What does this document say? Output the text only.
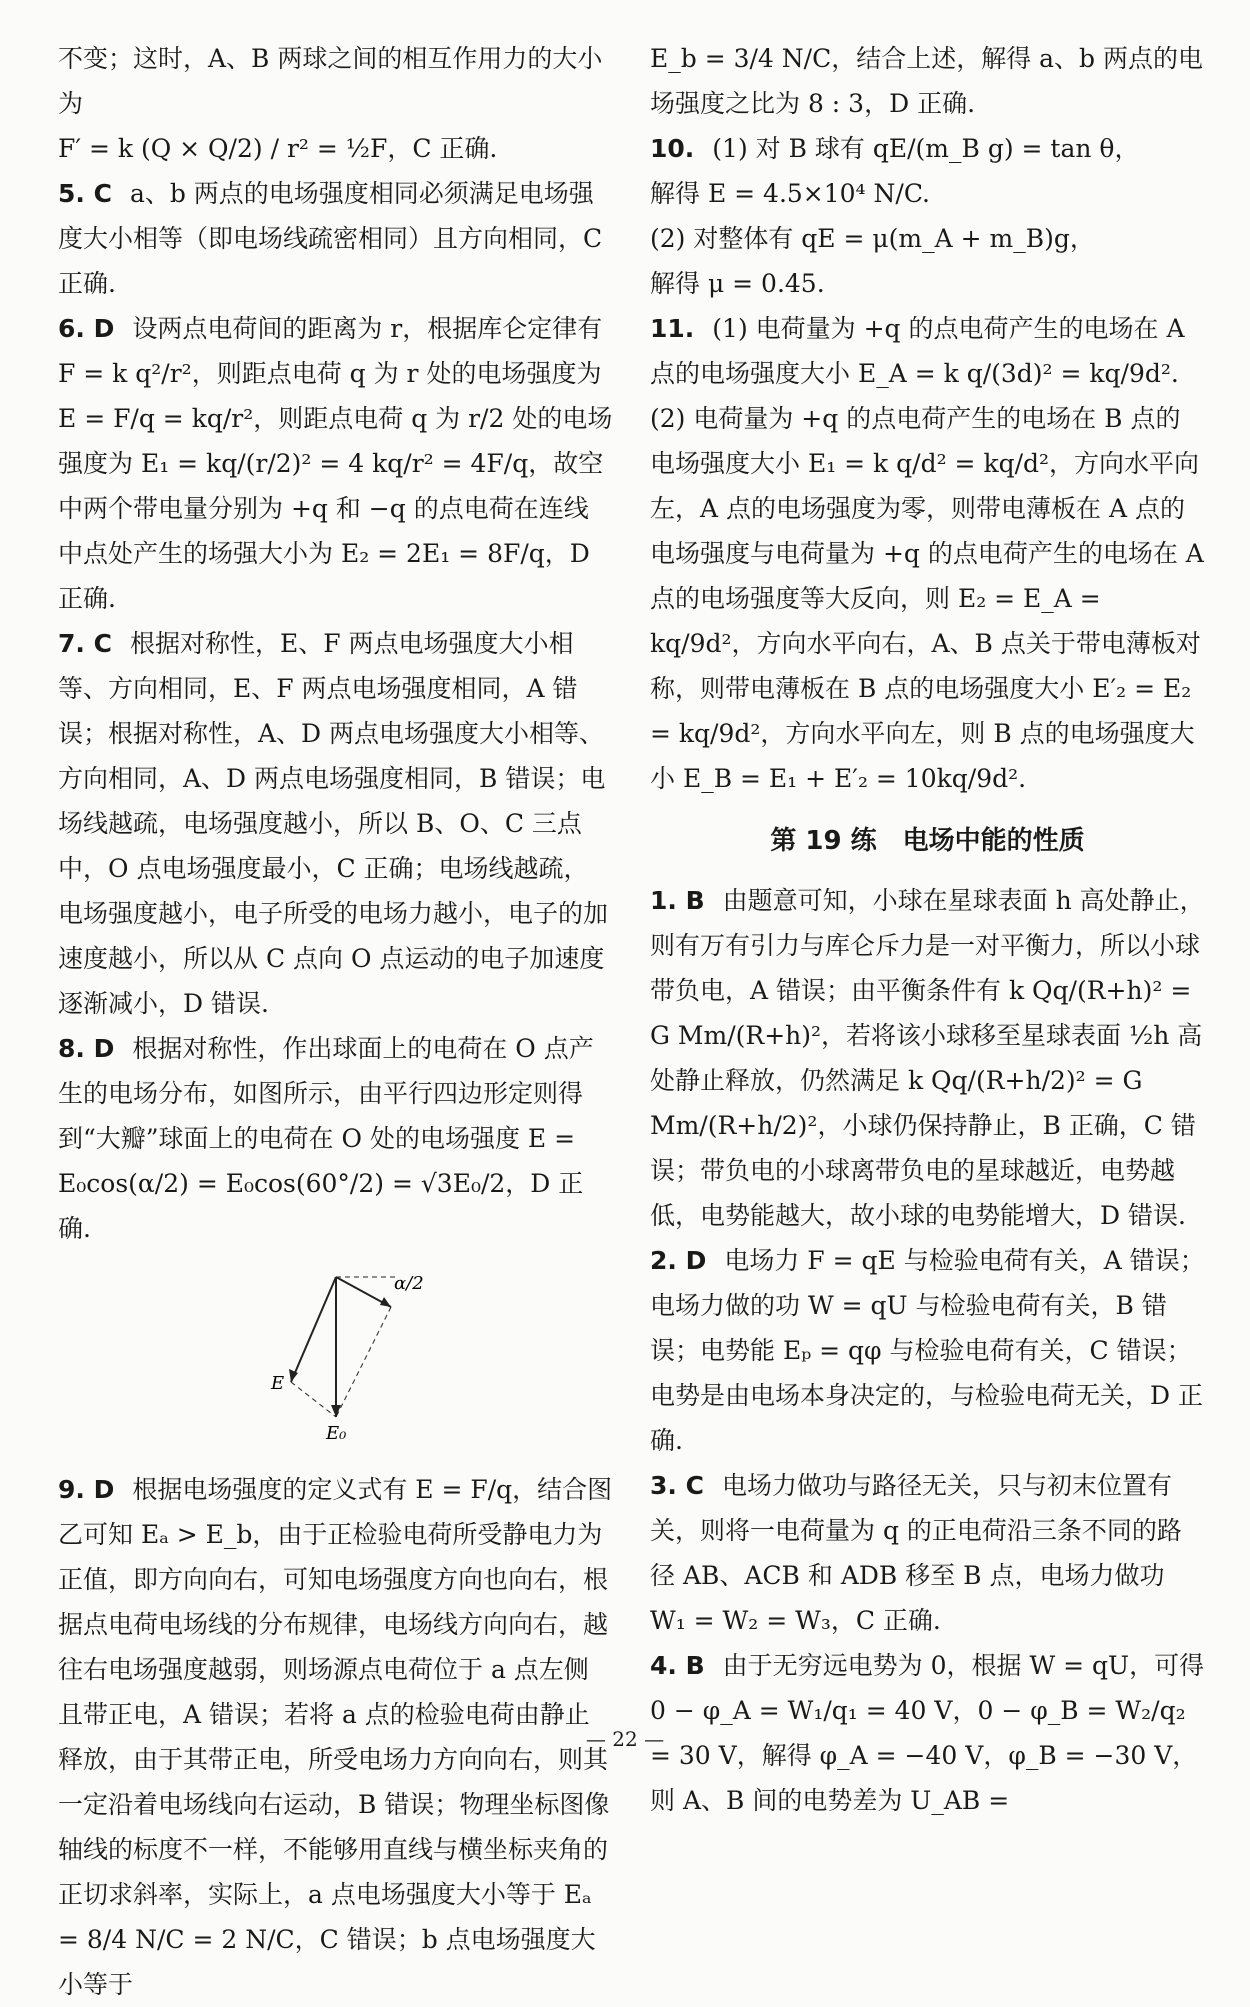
不变；这时，A、B 两球之间的相互作用力的大小为

F′ = k (Q × Q/2) / r² = ½F，C 正确.

5. C a、b 两点的电场强度相同必须满足电场强度大小相等（即电场线疏密相同）且方向相同，C 正确.

6. D 设两点电荷间的距离为 r，根据库仑定律有 F = k q²/r²，则距点电荷 q 为 r 处的电场强度为 E = F/q = kq/r²，则距点电荷 q 为 r/2 处的电场强度为 E₁ = kq/(r/2)² = 4 kq/r² = 4F/q，故空中两个带电量分别为 +q 和 −q 的点电荷在连线中点处产生的场强大小为 E₂ = 2E₁ = 8F/q，D 正确.

7. C 根据对称性，E、F 两点电场强度大小相等、方向相同，E、F 两点电场强度相同，A 错误；根据对称性，A、D 两点电场强度大小相等、方向相同，A、D 两点电场强度相同，B 错误；电场线越疏，电场强度越小，所以 B、O、C 三点中，O 点电场强度最小，C 正确；电场线越疏，电场强度越小，电子所受的电场力越小，电子的加速度越小，所以从 C 点向 O 点运动的电子加速度逐渐减小，D 错误.

8. D 根据对称性，作出球面上的电荷在 O 点产生的电场分布，如图所示，由平行四边形定则得到“大瓣”球面上的电荷在 O 处的电场强度 E = E₀cos(α/2) = E₀cos(60°/2) = √3E₀/2，D 正确.

α/2
E
E₀

9. D 根据电场强度的定义式有 E = F/q，结合图乙可知 Eₐ > E_b，由于正检验电荷所受静电力为正值，即方向向右，可知电场强度方向也向右，根据点电荷电场线的分布规律，电场线方向向右，越往右电场强度越弱，则场源点电荷位于 a 点左侧且带正电，A 错误；若将 a 点的检验电荷由静止释放，由于其带正电，所受电场力方向向右，则其一定沿着电场线向右运动，B 错误；物理坐标图像轴线的标度不一样，不能够用直线与横坐标夹角的正切求斜率，实际上，a 点电场强度大小等于 Eₐ = 8/4 N/C = 2 N/C，C 错误；b 点电场强度大小等于

E_b = 3/4 N/C，结合上述，解得 a、b 两点的电场强度之比为 8 : 3，D 正确.

10. (1) 对 B 球有 qE/(m_B g) = tan θ，

解得 E = 4.5×10⁴ N/C.

(2) 对整体有 qE = μ(m_A + m_B)g，

解得 μ = 0.45.

11. (1) 电荷量为 +q 的点电荷产生的电场在 A 点的电场强度大小 E_A = k q/(3d)² = kq/9d².

(2) 电荷量为 +q 的点电荷产生的电场在 B 点的电场强度大小 E₁ = k q/d² = kq/d²，方向水平向左，A 点的电场强度为零，则带电薄板在 A 点的电场强度与电荷量为 +q 的点电荷产生的电场在 A 点的电场强度等大反向，则 E₂ = E_A = kq/9d²，方向水平向右，A、B 点关于带电薄板对称，则带电薄板在 B 点的电场强度大小 E′₂ = E₂ = kq/9d²，方向水平向左，则 B 点的电场强度大小 E_B = E₁ + E′₂ = 10kq/9d².

第 19 练　电场中能的性质

1. B 由题意可知，小球在星球表面 h 高处静止，则有万有引力与库仑斥力是一对平衡力，所以小球带负电，A 错误；由平衡条件有 k Qq/(R+h)² = G Mm/(R+h)²，若将该小球移至星球表面 ½h 高处静止释放，仍然满足 k Qq/(R+h/2)² = G Mm/(R+h/2)²，小球仍保持静止，B 正确，C 错误；带负电的小球离带负电的星球越近，电势越低，电势能越大，故小球的电势能增大，D 错误.

2. D 电场力 F = qE 与检验电荷有关，A 错误；电场力做的功 W = qU 与检验电荷有关，B 错误；电势能 Eₚ = qφ 与检验电荷有关，C 错误；电势是由电场本身决定的，与检验电荷无关，D 正确.

3. C 电场力做功与路径无关，只与初末位置有关，则将一电荷量为 q 的正电荷沿三条不同的路径 AB、ACB 和 ADB 移至 B 点，电场力做功 W₁ = W₂ = W₃，C 正确.

4. B 由于无穷远电势为 0，根据 W = qU，可得 0 − φ_A = W₁/q₁ = 40 V，0 − φ_B = W₂/q₂ = 30 V，解得 φ_A = −40 V，φ_B = −30 V，则 A、B 间的电势差为 U_AB =

— 22 —
